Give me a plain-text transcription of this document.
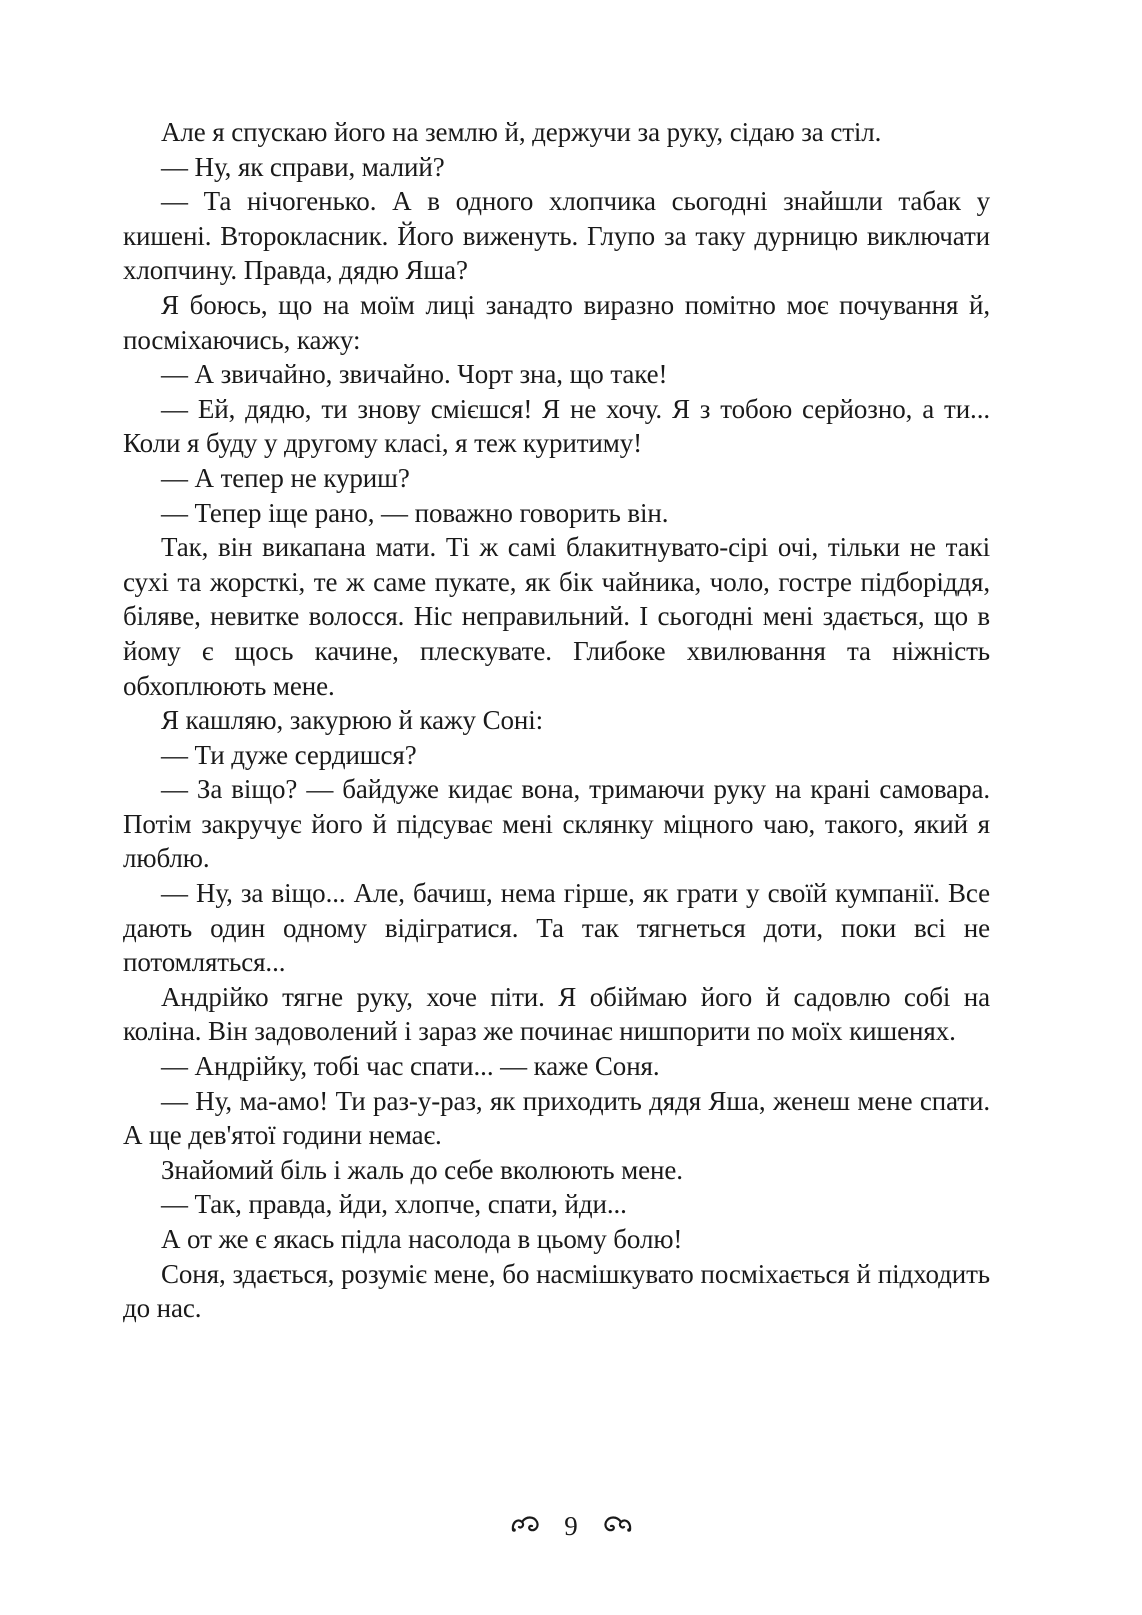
Але я спускаю його на землю й, держучи за руку, сідаю за стіл.

— Ну, як справи, малий?

— Та нічогенько. А в одного хлопчика сьогодні знайшли табак у кишені. Второкласник. Його виженуть. Глупо за таку дурницю виключати хлопчину. Правда, дядю Яша?

Я боюсь, що на моїм лиці занадто виразно помітно моє почування й, посміхаючись, кажу:

— А звичайно, звичайно. Чорт зна, що таке!

— Ей, дядю, ти знову смієшся! Я не хочу. Я з тобою серйозно, а ти... Коли я буду у другому класі, я теж куритиму!

— А тепер не куриш?

— Тепер іще рано, — поважно говорить він.

Так, він викапана мати. Ті ж самі блакитнувато-сірі очі, тільки не такі сухі та жорсткі, те ж саме пукате, як бік чайника, чоло, гостре підборіддя, біляве, невитке волосся. Ніс неправильний. І сьогодні мені здається, що в йому є щось качине, плескувате. Глибоке хвилювання та ніжність обхоплюють мене.

Я кашляю, закурюю й кажу Соні:

— Ти дуже сердишся?

— За віщо? — байдуже кидає вона, тримаючи руку на крані самовара. Потім закручує його й підсуває мені склянку міцного чаю, такого, який я люблю.

— Ну, за віщо... Але, бачиш, нема гірше, як грати у своїй кумпанії. Все дають один одному відігратися. Та так тягнеться доти, поки всі не потомляться...

Андрійко тягне руку, хоче піти. Я обіймаю його й садовлю собі на коліна. Він задоволений і зараз же починає нишпорити по моїх кишенях.

— Андрійку, тобі час спати... — каже Соня.

— Ну, ма-амо! Ти раз-у-раз, як приходить дядя Яша, женеш мене спати. А ще дев'ятої години немає.

Знайомий біль і жаль до себе вколюють мене.

— Так, правда, йди, хлопче, спати, йди...

А от же є якась підла насолода в цьому болю!

Соня, здається, розуміє мене, бо насмішкувато посміхається й підходить до нас.

9
